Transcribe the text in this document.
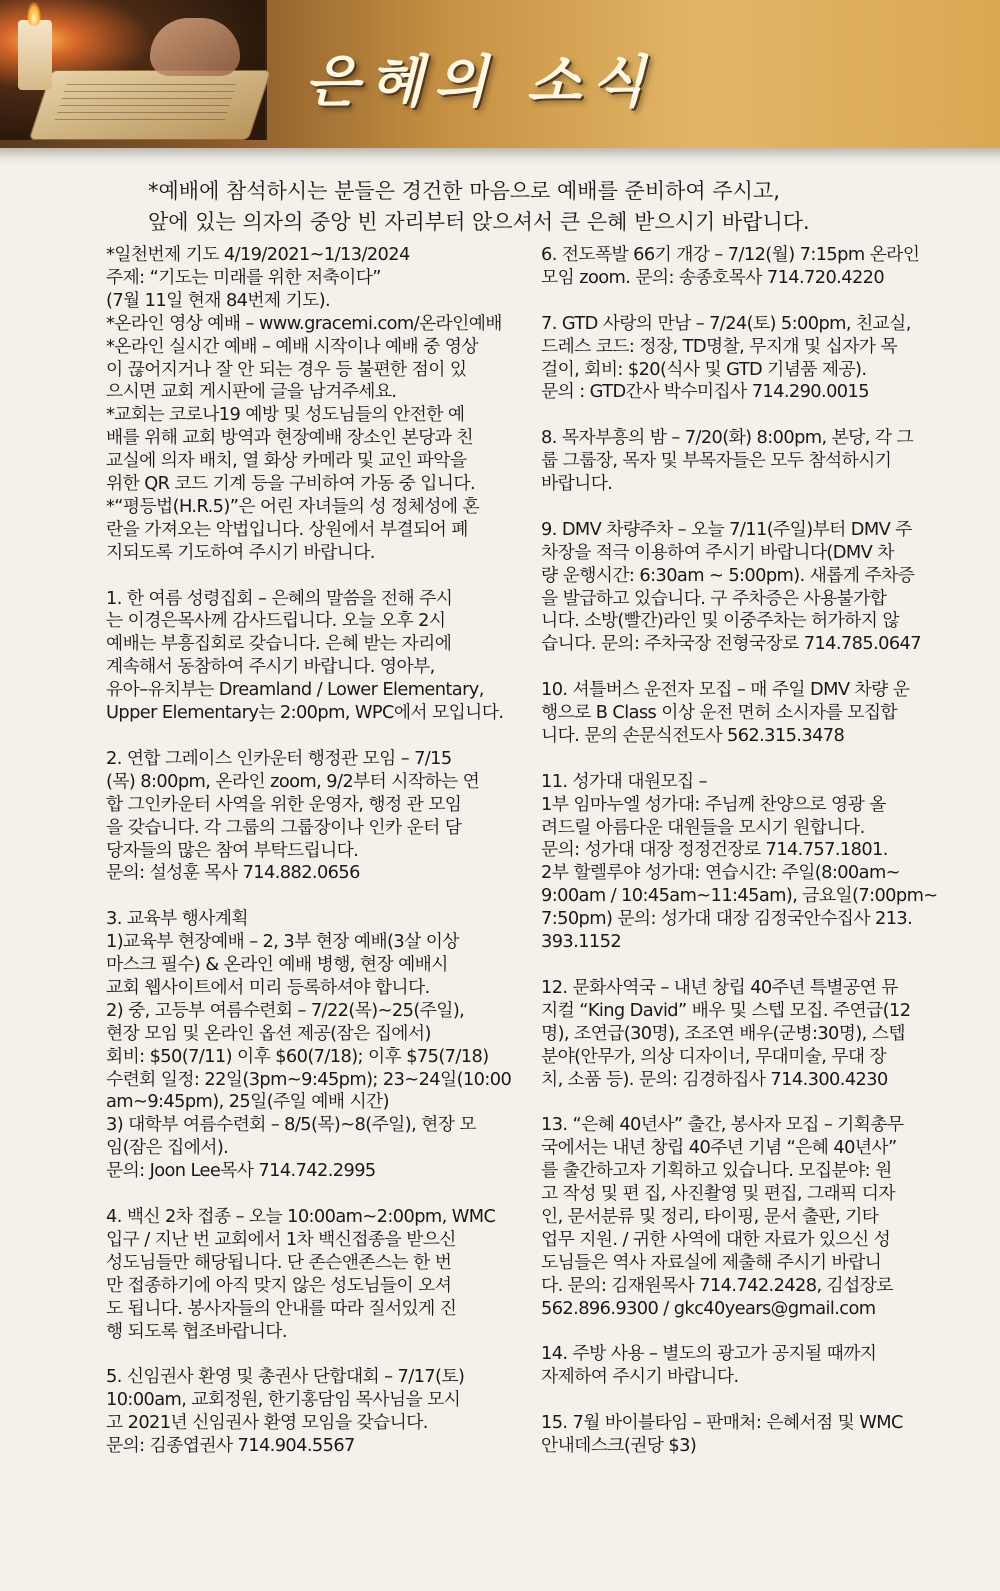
은혜의 소식

*예배에 참석하시는 분들은 경건한 마음으로 예배를 준비하여 주시고,

앞에 있는 의자의 중앙 빈 자리부터 앉으셔서 큰 은혜 받으시기 바랍니다.

*일천번제 기도 4/19/2021~1/13/2024
주제: “기도는 미래를 위한 저축이다”
(7월 11일 현재 84번제 기도).
*온라인 영상 예배 – www.gracemi.com/온라인예배
*온라인 실시간 예배 – 예배 시작이나 예배 중 영상
이 끊어지거나 잘 안 되는 경우 등 불편한 점이 있
으시면 교회 게시판에 글을 남겨주세요.
*교회는 코로나19 예방 및 성도님들의 안전한 예
배를 위해 교회 방역과 현장예배 장소인 본당과 친
교실에 의자 배치, 열 화상 카메라 및 교인 파악을
위한 QR 코드 기계 등을 구비하여 가동 중 입니다.
*“평등법(H.R.5)”은 어린 자녀들의 성 정체성에 혼
란을 가져오는 악법입니다. 상원에서 부결되어 폐
지되도록 기도하여 주시기 바랍니다.

1. 한 여름 성령집회 – 은혜의 말씀을 전해 주시
는 이경은목사께 감사드립니다. 오늘 오후 2시
예배는 부흥집회로 갖습니다. 은혜 받는 자리에
계속해서 동참하여 주시기 바랍니다. 영아부,
유아–유치부는 Dreamland / Lower Elementary,
Upper Elementary는 2:00pm, WPC에서 모입니다.

2. 연합 그레이스 인카운터 행정관 모임 – 7/15
(목) 8:00pm, 온라인 zoom, 9/2부터 시작하는 연
합 그인카운터 사역을 위한 운영자, 행정 관 모임
을 갖습니다. 각 그룹의 그룹장이나 인카 운터 담
당자들의 많은 참여 부탁드립니다.
문의: 설성훈 목사 714.882.0656

3. 교육부 행사계획
1)교육부 현장예배 – 2, 3부 현장 예배(3살 이상
마스크 필수) & 온라인 예배 병행, 현장 예배시
교회 웹사이트에서 미리 등록하셔야 합니다.
2) 중, 고등부 여름수련회 – 7/22(목)~25(주일),
현장 모임 및 온라인 옵션 제공(잠은 집에서)
회비: $50(7/11) 이후 $60(7/18); 이후 $75(7/18)
수련회 일정: 22일(3pm~9:45pm); 23~24일(10:00
am~9:45pm), 25일(주일 예배 시간)
3) 대학부 여름수련회 – 8/5(목)~8(주일), 현장 모
임(잠은 집에서).
문의: Joon Lee목사 714.742.2995

4. 백신 2차 접종 – 오늘 10:00am~2:00pm, WMC
입구 / 지난 번 교회에서 1차 백신접종을 받으신
성도님들만 해당됩니다. 단 존슨앤존스는 한 번
만 접종하기에 아직 맞지 않은 성도님들이 오셔
도 됩니다. 봉사자들의 안내를 따라 질서있게 진
행 되도록 협조바랍니다.

5. 신임권사 환영 및 총권사 단합대회 – 7/17(토)
10:00am, 교회정원, 한기홍담임 목사님을 모시
고 2021년 신임권사 환영 모임을 갖습니다.
문의: 김종엽권사 714.904.5567

6. 전도폭발 66기 개강 – 7/12(월) 7:15pm 온라인
모임 zoom. 문의: 송종호목사 714.720.4220

7. GTD 사랑의 만남 – 7/24(토) 5:00pm, 친교실,
드레스 코드: 정장, TD명찰, 무지개 및 십자가 목
걸이, 회비: $20(식사 및 GTD 기념품 제공).
문의 : GTD간사 박수미집사 714.290.0015

8. 목자부흥의 밤 – 7/20(화) 8:00pm, 본당, 각 그
룹 그룹장, 목자 및 부목자들은 모두 참석하시기
바랍니다.

9. DMV 차량주차 – 오늘 7/11(주일)부터 DMV 주
차장을 적극 이용하여 주시기 바랍니다(DMV 차
량 운행시간: 6:30am ~ 5:00pm). 새롭게 주차증
을 발급하고 있습니다. 구 주차증은 사용불가합
니다. 소방(빨간)라인 및 이중주차는 허가하지 않
습니다. 문의: 주차국장 전형국장로 714.785.0647

10. 셔틀버스 운전자 모집 – 매 주일 DMV 차량 운
행으로 B Class 이상 운전 면허 소시자를 모집합
니다. 문의 손문식전도사 562.315.3478

11. 성가대 대원모집 –
1부 임마누엘 성가대: 주님께 찬양으로 영광 올
려드릴 아름다운 대원들을 모시기 원합니다.
문의: 성가대 대장 정정건장로 714.757.1801.
2부 할렐루야 성가대: 연습시간: 주일(8:00am~
9:00am / 10:45am~11:45am), 금요일(7:00pm~
7:50pm) 문의: 성가대 대장 김정국안수집사 213.
393.1152

12. 문화사역국 – 내년 창립 40주년 특별공연 뮤
지컬 “King David” 배우 및 스텝 모집. 주연급(12
명), 조연급(30명), 조조연 배우(군병:30명), 스텝
분야(안무가, 의상 디자이너, 무대미술, 무대 장
치, 소품 등). 문의: 김경하집사 714.300.4230

13. “은혜 40년사” 출간, 봉사자 모집 – 기획총무
국에서는 내년 창립 40주년 기념 “은혜 40년사”
를 출간하고자 기획하고 있습니다. 모집분야: 원
고 작성 및 편 집, 사진촬영 및 편집, 그래픽 디자
인, 문서분류 및 정리, 타이핑, 문서 출판, 기타
업무 지원. / 귀한 사역에 대한 자료가 있으신 성
도님들은 역사 자료실에 제출해 주시기 바랍니
다. 문의: 김재원목사 714.742.2428, 김섭장로
562.896.9300 / gkc40years@gmail.com

14. 주방 사용 – 별도의 광고가 공지될 때까지
자제하여 주시기 바랍니다.

15. 7월 바이블타임 – 판매처: 은혜서점 및 WMC
안내데스크(권당 $3)
